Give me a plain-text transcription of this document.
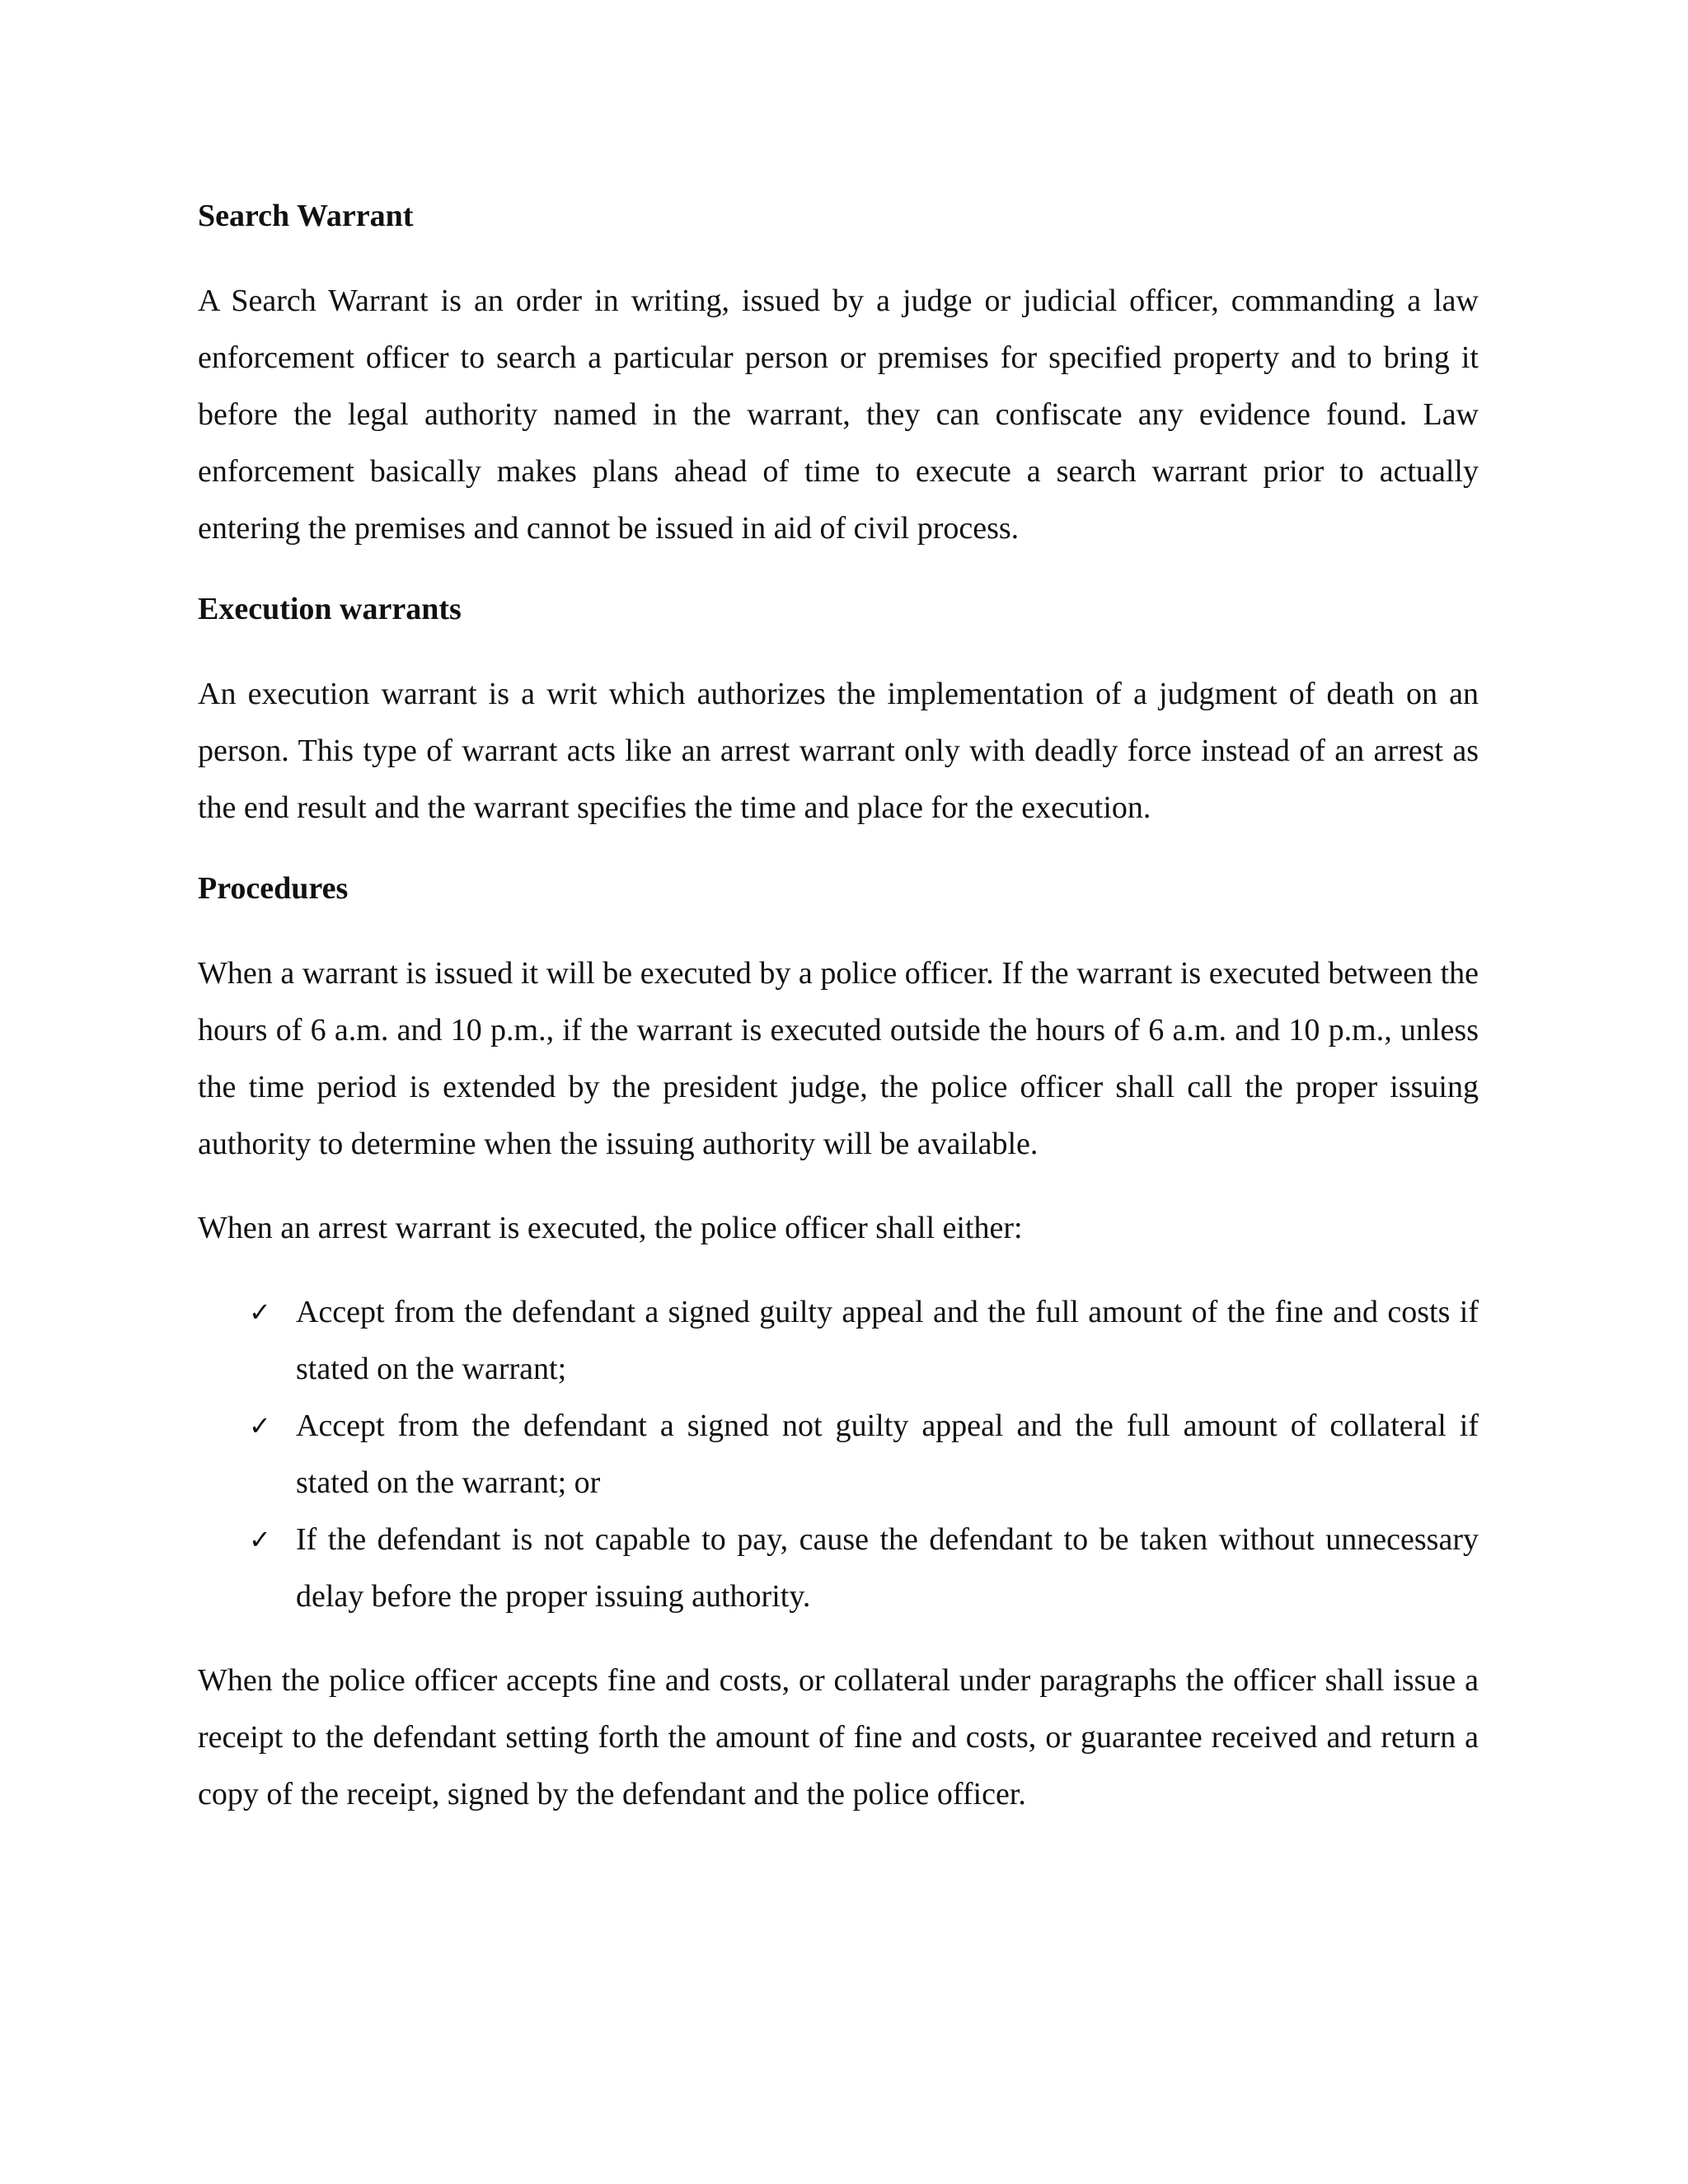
Search Warrant

A Search Warrant is an order in writing, issued by a judge or judicial officer, commanding a law enforcement officer to search a particular person or premises for specified property and to bring it before the legal authority named in the warrant, they can confiscate any evidence found. Law enforcement basically makes plans ahead of time to execute a search warrant prior to actually entering the premises and cannot be issued in aid of civil process.

Execution warrants

An execution warrant is a writ which authorizes the implementation of a judgment of death on an person. This type of warrant acts like an arrest warrant only with deadly force instead of an arrest as the end result and the warrant specifies the time and place for the execution.

Procedures

When a warrant is issued it will be executed by a police officer. If the warrant is executed between the hours of 6 a.m. and 10 p.m., if the warrant is executed outside the hours of 6 a.m. and 10 p.m., unless the time period is extended by the president judge, the police officer shall call the proper issuing authority to determine when the issuing authority will be available.

When an arrest warrant is executed, the police officer shall either:

✓ Accept from the defendant a signed guilty appeal and the full amount of the fine and costs if stated on the warrant;
✓ Accept from the defendant a signed not guilty appeal and the full amount of collateral if stated on the warrant; or
✓ If the defendant is not capable to pay, cause the defendant to be taken without unnecessary delay before the proper issuing authority.

When the police officer accepts fine and costs, or collateral under paragraphs the officer shall issue a receipt to the defendant setting forth the amount of fine and costs, or guarantee received and return a copy of the receipt, signed by the defendant and the police officer.
